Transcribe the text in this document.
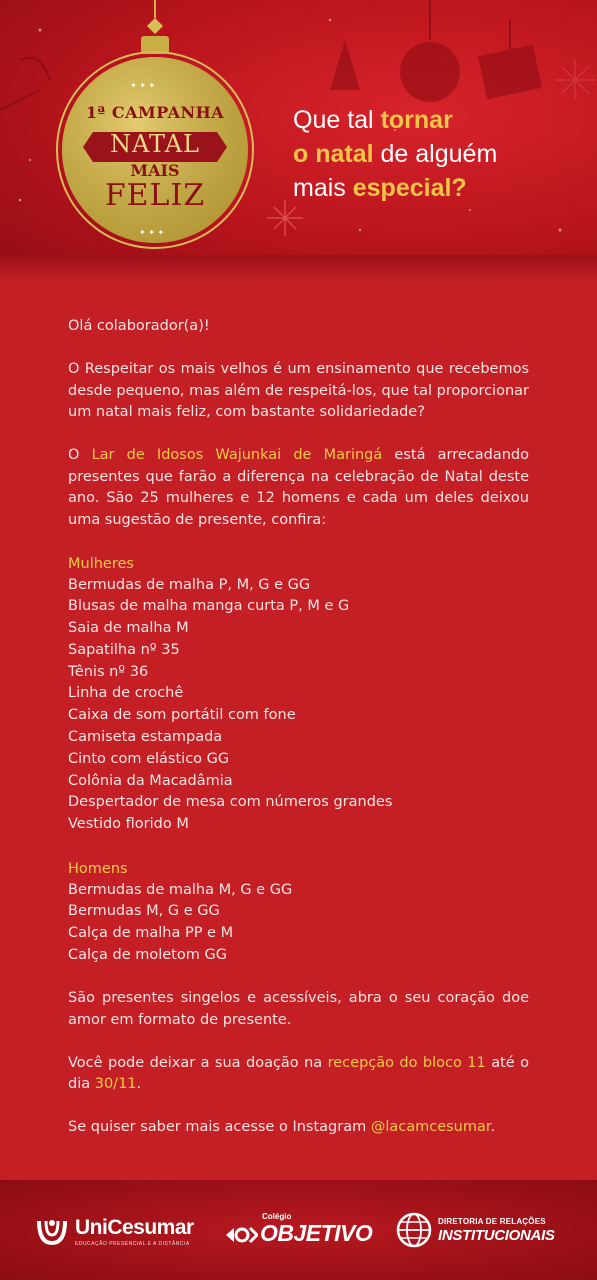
✦ ✦ ✦
✦ ✦ ✦
1ª CAMPANHA
NATAL
MAIS
FELIZ
Que tal tornar
o natal de alguém
mais especial?

Olá colaborador(a)!

O Respeitar os mais velhos é um ensinamento que recebemos desde pequeno, mas além de respeitá-los, que tal proporcionar um natal mais feliz, com bastante solidariedade?

O Lar de Idosos Wajunkai de Maringá está arrecadando presentes que farão a diferença na celebração de Natal deste ano. São 25 mulheres e 12 homens e cada um deles deixou uma sugestão de presente, confira:

Mulheres
Bermudas de malha P, M, G e GG
Blusas de malha manga curta P, M e G
Saia de malha M
Sapatilha nº 35
Tênis nº 36
Linha de crochê
Caixa de som portátil com fone
Camiseta estampada
Cinto com elástico GG
Colônia da Macadâmia
Despertador de mesa com números grandes
Vestido florido M
Homens
Bermudas de malha M, G e GG
Bermudas M, G e GG
Calça de malha PP e M
Calça de moletom GG

São presentes singelos e acessíveis, abra o seu coração doe amor em formato de presente.

Você pode deixar a sua doação na recepção do bloco 11 até o dia 30/11.

Se quiser saber mais acesse o Instagram @lacamcesumar.

UniCesumar
EDUCAÇÃO PRESENCIAL E A DISTÂNCIA
Colégio
OBJETIVO	DIRETORIA DE RELAÇÕES
INSTITUCIONAIS
